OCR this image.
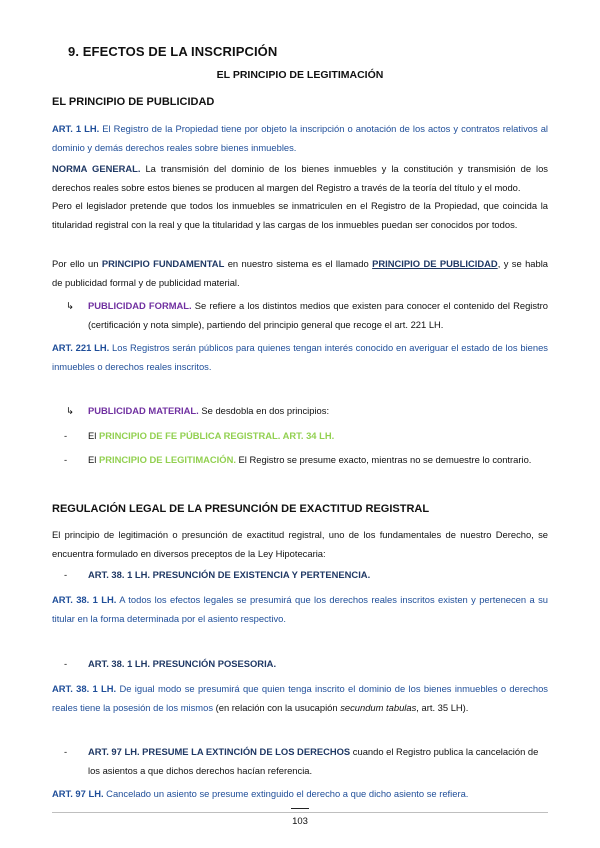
9. EFECTOS DE LA INSCRIPCIÓN
EL PRINCIPIO DE LEGITIMACIÓN
EL PRINCIPIO DE PUBLICIDAD
ART. 1 LH. El Registro de la Propiedad tiene por objeto la inscripción o anotación de los actos y contratos relativos al dominio y demás derechos reales sobre bienes inmuebles.
NORMA GENERAL. La transmisión del dominio de los bienes inmuebles y la constitución y transmisión de los derechos reales sobre estos bienes se producen al margen del Registro a través de la teoría del título y el modo.
Pero el legislador pretende que todos los inmuebles se inmatriculen en el Registro de la Propiedad, que coincida la titularidad registral con la real y que la titularidad y las cargas de los inmuebles puedan ser conocidos por todos.
Por ello un PRINCIPIO FUNDAMENTAL en nuestro sistema es el llamado PRINCIPIO DE PUBLICIDAD, y se habla de publicidad formal y de publicidad material.
↳	PUBLICIDAD FORMAL. Se refiere a los distintos medios que existen para conocer el contenido del Registro (certificación y nota simple), partiendo del principio general que recoge el art. 221 LH.
ART. 221 LH. Los Registros serán públicos para quienes tengan interés conocido en averiguar el estado de los bienes inmuebles o derechos reales inscritos.
↳	PUBLICIDAD MATERIAL. Se desdobla en dos principios:
-	El PRINCIPIO DE FE PÚBLICA REGISTRAL. ART. 34 LH.
-	El PRINCIPIO DE LEGITIMACIÓN. El Registro se presume exacto, mientras no se demuestre lo contrario.
REGULACIÓN LEGAL DE LA PRESUNCIÓN DE EXACTITUD REGISTRAL
El principio de legitimación o presunción de exactitud registral, uno de los fundamentales de nuestro Derecho, se encuentra formulado en diversos preceptos de la Ley Hipotecaria:
-	ART. 38. 1 LH. PRESUNCIÓN DE EXISTENCIA Y PERTENENCIA.
ART. 38. 1 LH. A todos los efectos legales se presumirá que los derechos reales inscritos existen y pertenecen a su titular en la forma determinada por el asiento respectivo.
-	ART. 38. 1 LH. PRESUNCIÓN POSESORIA.
ART. 38. 1 LH. De igual modo se presumirá que quien tenga inscrito el dominio de los bienes inmuebles o derechos reales tiene la posesión de los mismos (en relación con la usucapión secundum tabulas, art. 35 LH).
-	ART. 97 LH. PRESUME LA EXTINCIÓN DE LOS DERECHOS cuando el Registro publica la cancelación de los asientos a que dichos derechos hacían referencia.
ART. 97 LH. Cancelado un asiento se presume extinguido el derecho a que dicho asiento se refiera.
103
